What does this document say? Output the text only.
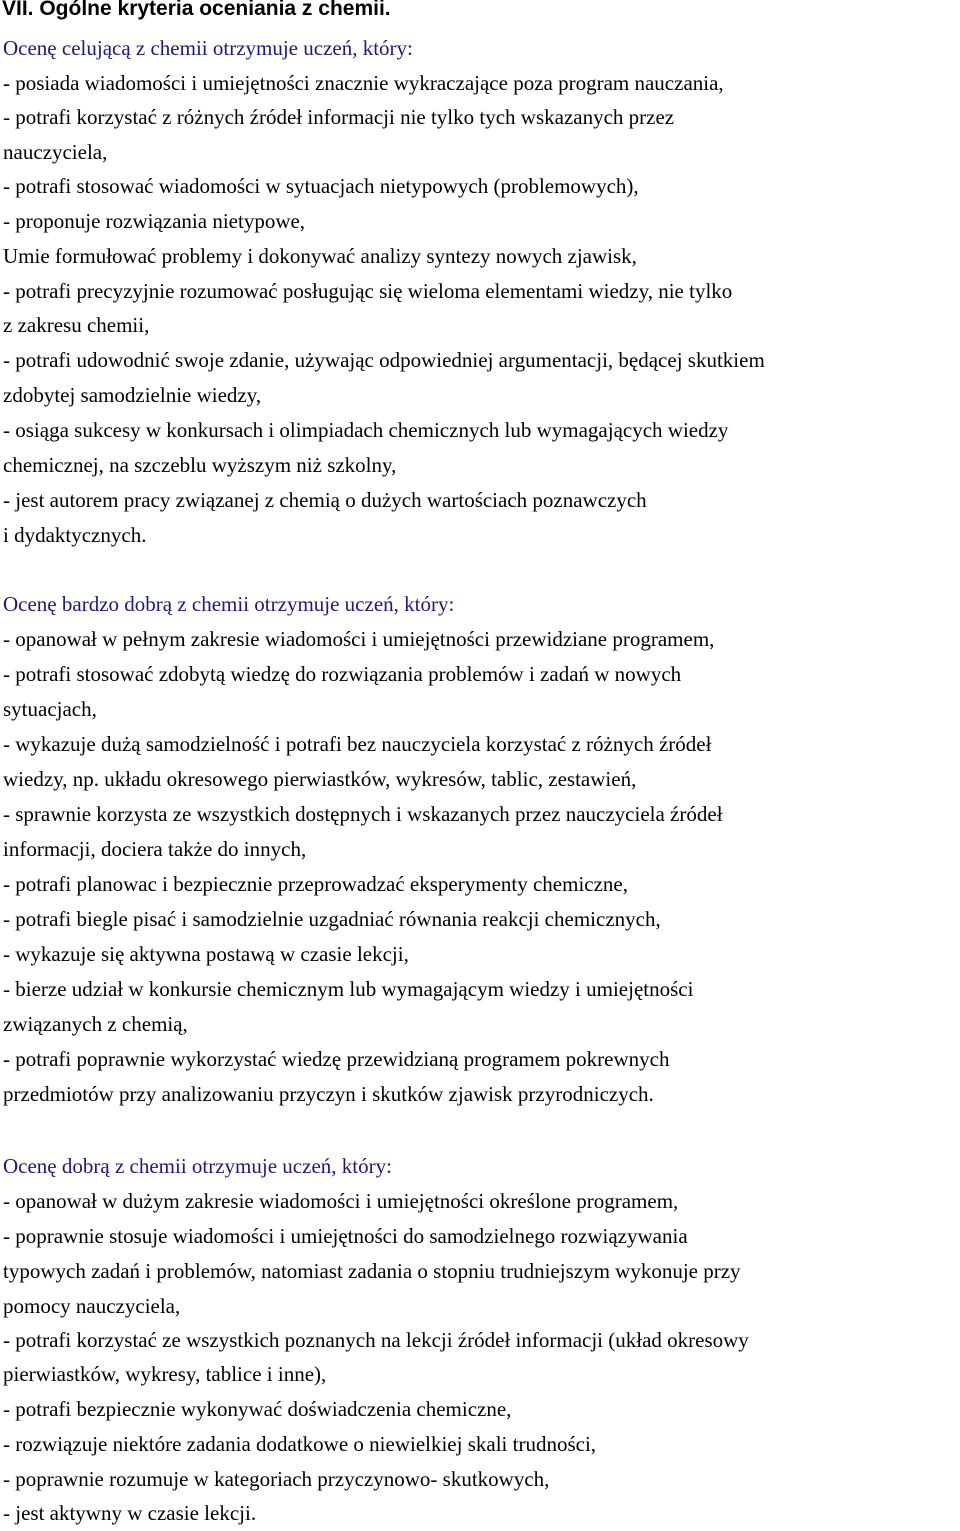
VII. Ogólne kryteria oceniania z chemii.
Ocenę celującą z chemii otrzymuje uczeń, który:
- posiada wiadomości i umiejętności znacznie wykraczające poza program nauczania,
- potrafi korzystać z różnych źródeł informacji nie tylko tych wskazanych przez
nauczyciela,
- potrafi stosować wiadomości w sytuacjach nietypowych (problemowych),
- proponuje rozwiązania nietypowe,
Umie formułować problemy i dokonywać analizy syntezy nowych zjawisk,
- potrafi precyzyjnie rozumować posługując się wieloma elementami wiedzy, nie tylko
z zakresu chemii,
- potrafi udowodnić swoje zdanie, używając odpowiedniej argumentacji, będącej skutkiem
zdobytej samodzielnie wiedzy,
- osiąga sukcesy w konkursach i olimpiadach chemicznych lub wymagających wiedzy
chemicznej, na szczeblu wyższym niż szkolny,
- jest autorem pracy związanej z chemią o dużych wartościach poznawczych
i dydaktycznych.
Ocenę bardzo dobrą z chemii otrzymuje uczeń, który:
- opanował w pełnym zakresie wiadomości i umiejętności przewidziane programem,
- potrafi stosować zdobytą wiedzę do rozwiązania problemów i zadań w nowych
sytuacjach,
- wykazuje dużą samodzielność i potrafi bez nauczyciela korzystać z różnych źródeł
wiedzy, np. układu okresowego pierwiastków, wykresów, tablic, zestawień,
- sprawnie korzysta ze wszystkich dostępnych i wskazanych przez nauczyciela źródeł
informacji, dociera także do innych,
- potrafi planowac i bezpiecznie przeprowadzać eksperymenty chemiczne,
- potrafi biegle pisać i samodzielnie uzgadniać równania reakcji chemicznych,
- wykazuje się aktywna postawą w czasie lekcji,
- bierze udział w konkursie chemicznym lub wymagającym wiedzy i umiejętności
związanych z chemią,
- potrafi poprawnie wykorzystać wiedzę przewidzianą programem pokrewnych
przedmiotów przy analizowaniu przyczyn i skutków zjawisk przyrodniczych.
Ocenę dobrą z chemii otrzymuje uczeń, który:
- opanował w dużym zakresie wiadomości i umiejętności określone programem,
- poprawnie stosuje wiadomości i umiejętności do samodzielnego rozwiązywania
typowych zadań i problemów, natomiast zadania o stopniu trudniejszym wykonuje przy
pomocy nauczyciela,
- potrafi korzystać ze wszystkich poznanych na lekcji źródeł informacji (układ okresowy
pierwiastków, wykresy, tablice i inne),
- potrafi bezpiecznie wykonywać doświadczenia chemiczne,
- rozwiązuje niektóre zadania dodatkowe o niewielkiej skali trudności,
- poprawnie rozumuje w kategoriach przyczynowo- skutkowych,
- jest aktywny w czasie lekcji.
